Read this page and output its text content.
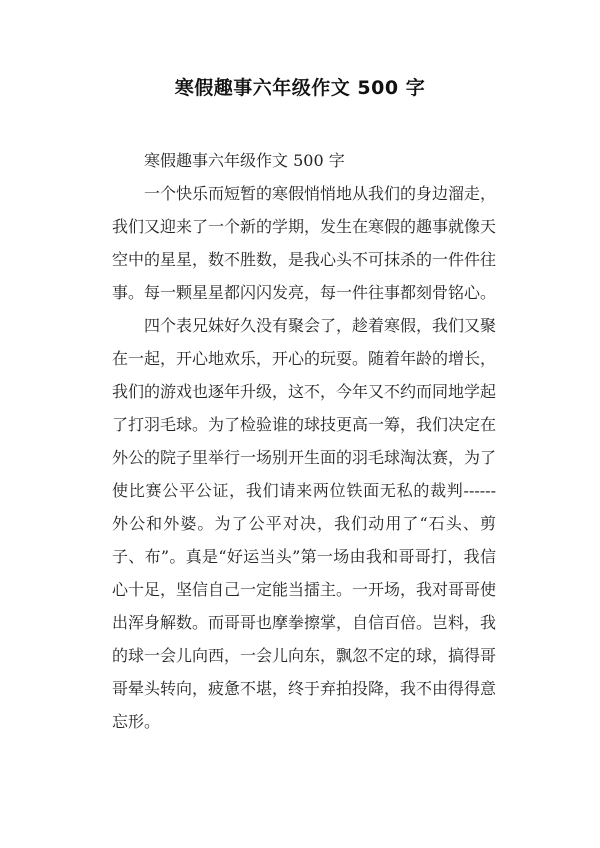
寒假趣事六年级作文 500 字

寒假趣事六年级作文 500 字

一个快乐而短暂的寒假悄悄地从我们的身边溜走，我们又迎来了一个新的学期，发生在寒假的趣事就像天空中的星星，数不胜数，是我心头不可抹杀的一件件往事。每一颗星星都闪闪发亮，每一件往事都刻骨铭心。

四个表兄妹好久没有聚会了，趁着寒假，我们又聚在一起，开心地欢乐，开心的玩耍。随着年龄的增长，我们的游戏也逐年升级，这不，今年又不约而同地学起了打羽毛球。为了检验谁的球技更高一筹，我们决定在外公的院子里举行一场别开生面的羽毛球淘汰赛，为了使比赛公平公证，我们请来两位铁面无私的裁判------外公和外婆。为了公平对决，我们动用了“石头、剪子、布”。真是“好运当头”第一场由我和哥哥打，我信心十足，坚信自己一定能当擂主。一开场，我对哥哥使出浑身解数。而哥哥也摩拳擦掌，自信百倍。岂料，我的球一会儿向西，一会儿向东，飘忽不定的球，搞得哥哥晕头转向，疲惫不堪，终于弃拍投降，我不由得得意忘形。
